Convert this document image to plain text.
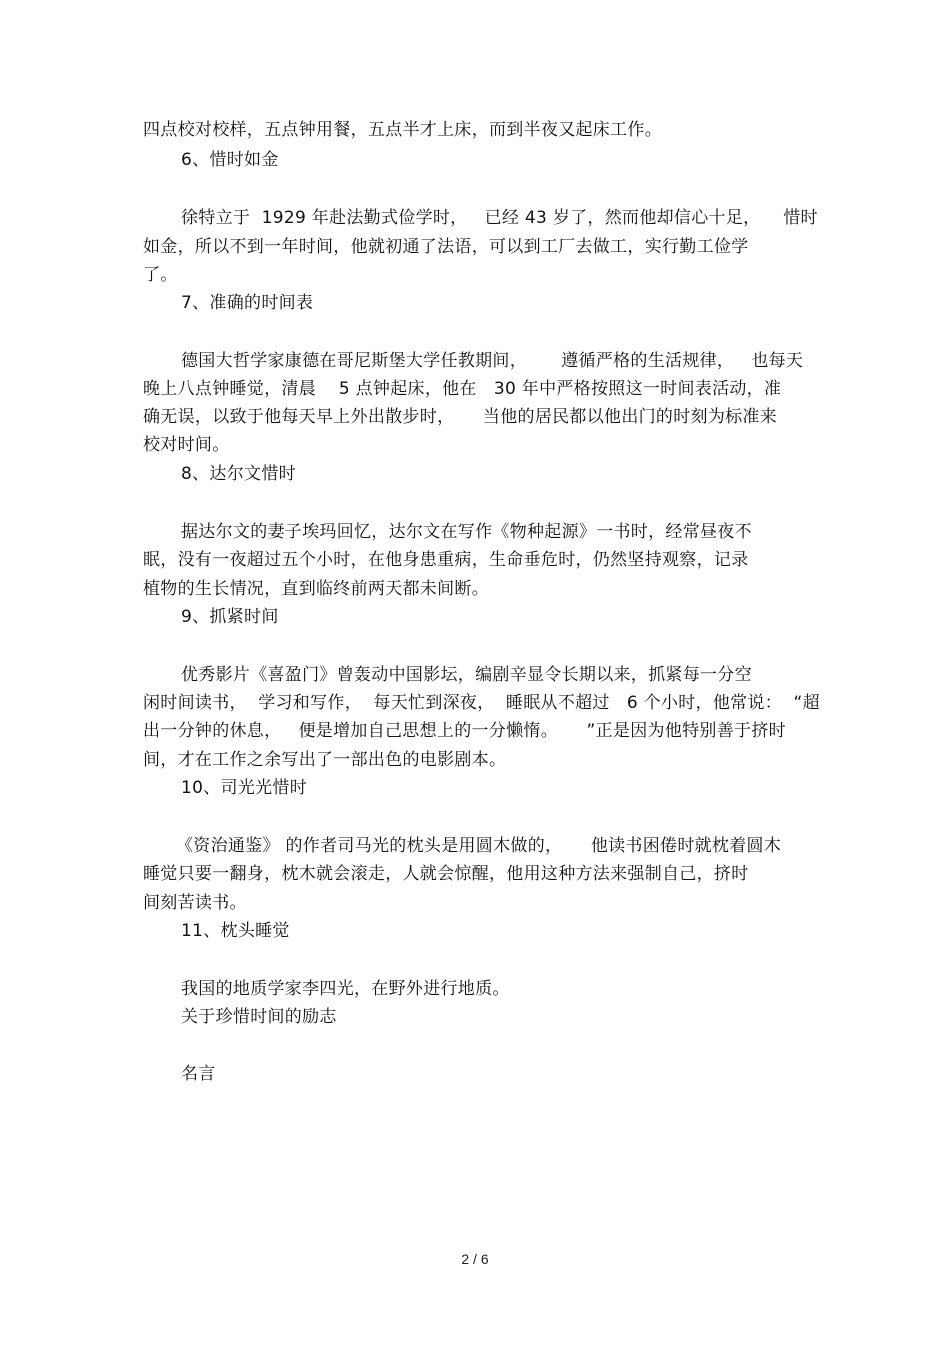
四点校对校样，五点钟用餐，五点半才上床，而到半夜又起床工作。
6、惜时如金
徐特立于  1929 年赴法勤式俭学时，   已经 43 岁了，然而他却信心十足，    惜时
如金，所以不到一年时间，他就初通了法语，可以到工厂去做工，实行勤工俭学
了。
7、准确的时间表
德国大哲学家康德在哥尼斯堡大学任教期间，      遵循严格的生活规律，   也每天
晚上八点钟睡觉，清晨    5 点钟起床，他在   30 年中严格按照这一时间表活动，准
确无误，以致于他每天早上外出散步时，     当他的居民都以他出门的时刻为标准来
校对时间。
8、达尔文惜时
据达尔文的妻子埃玛回忆，达尔文在写作《物种起源》一书时，经常昼夜不
眠，没有一夜超过五个小时，在他身患重病，生命垂危时，仍然坚持观察，记录
植物的生长情况，直到临终前两天都未间断。
9、抓紧时间
优秀影片《喜盈门》曾轰动中国影坛，编剧辛显令长期以来，抓紧每一分空
闲时间读书，  学习和写作，  每天忙到深夜，  睡眠从不超过   6 个小时，他常说：  “超
出一分钟的休息，   便是增加自己思想上的一分懒惰。     ”正是因为他特别善于挤时
间，才在工作之余写出了一部出色的电影剧本。
10、司光光惜时
《资治通鉴》 的作者司马光的枕头是用圆木做的，     他读书困倦时就枕着圆木
睡觉只要一翻身，枕木就会滚走，人就会惊醒，他用这种方法来强制自己，挤时
间刻苦读书。
11、枕头睡觉
我国的地质学家李四光，在野外进行地质。
关于珍惜时间的励志
名言
2 / 6
